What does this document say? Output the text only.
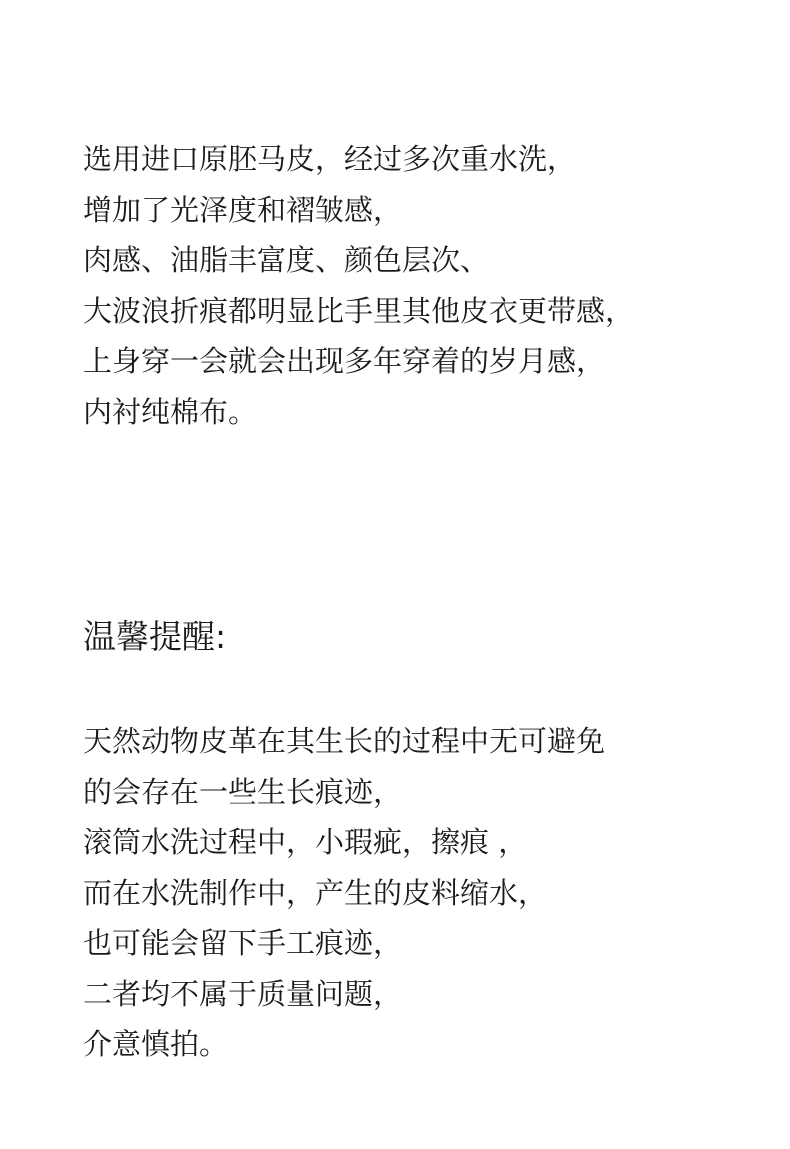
选用进口原胚马皮，经过多次重水洗，
增加了光泽度和褶皱感，
肉感、油脂丰富度、颜色层次、
大波浪折痕都明显比手里其他皮衣更带感，
上身穿一会就会出现多年穿着的岁月感，
内衬纯棉布。
温馨提醒:
天然动物皮革在其生长的过程中无可避免
的会存在一些生长痕迹，
滚筒水洗过程中，小瑕疵，擦痕 ，
而在水洗制作中，产生的皮料缩水，
也可能会留下手工痕迹，
二者均不属于质量问题，
介意慎拍。
